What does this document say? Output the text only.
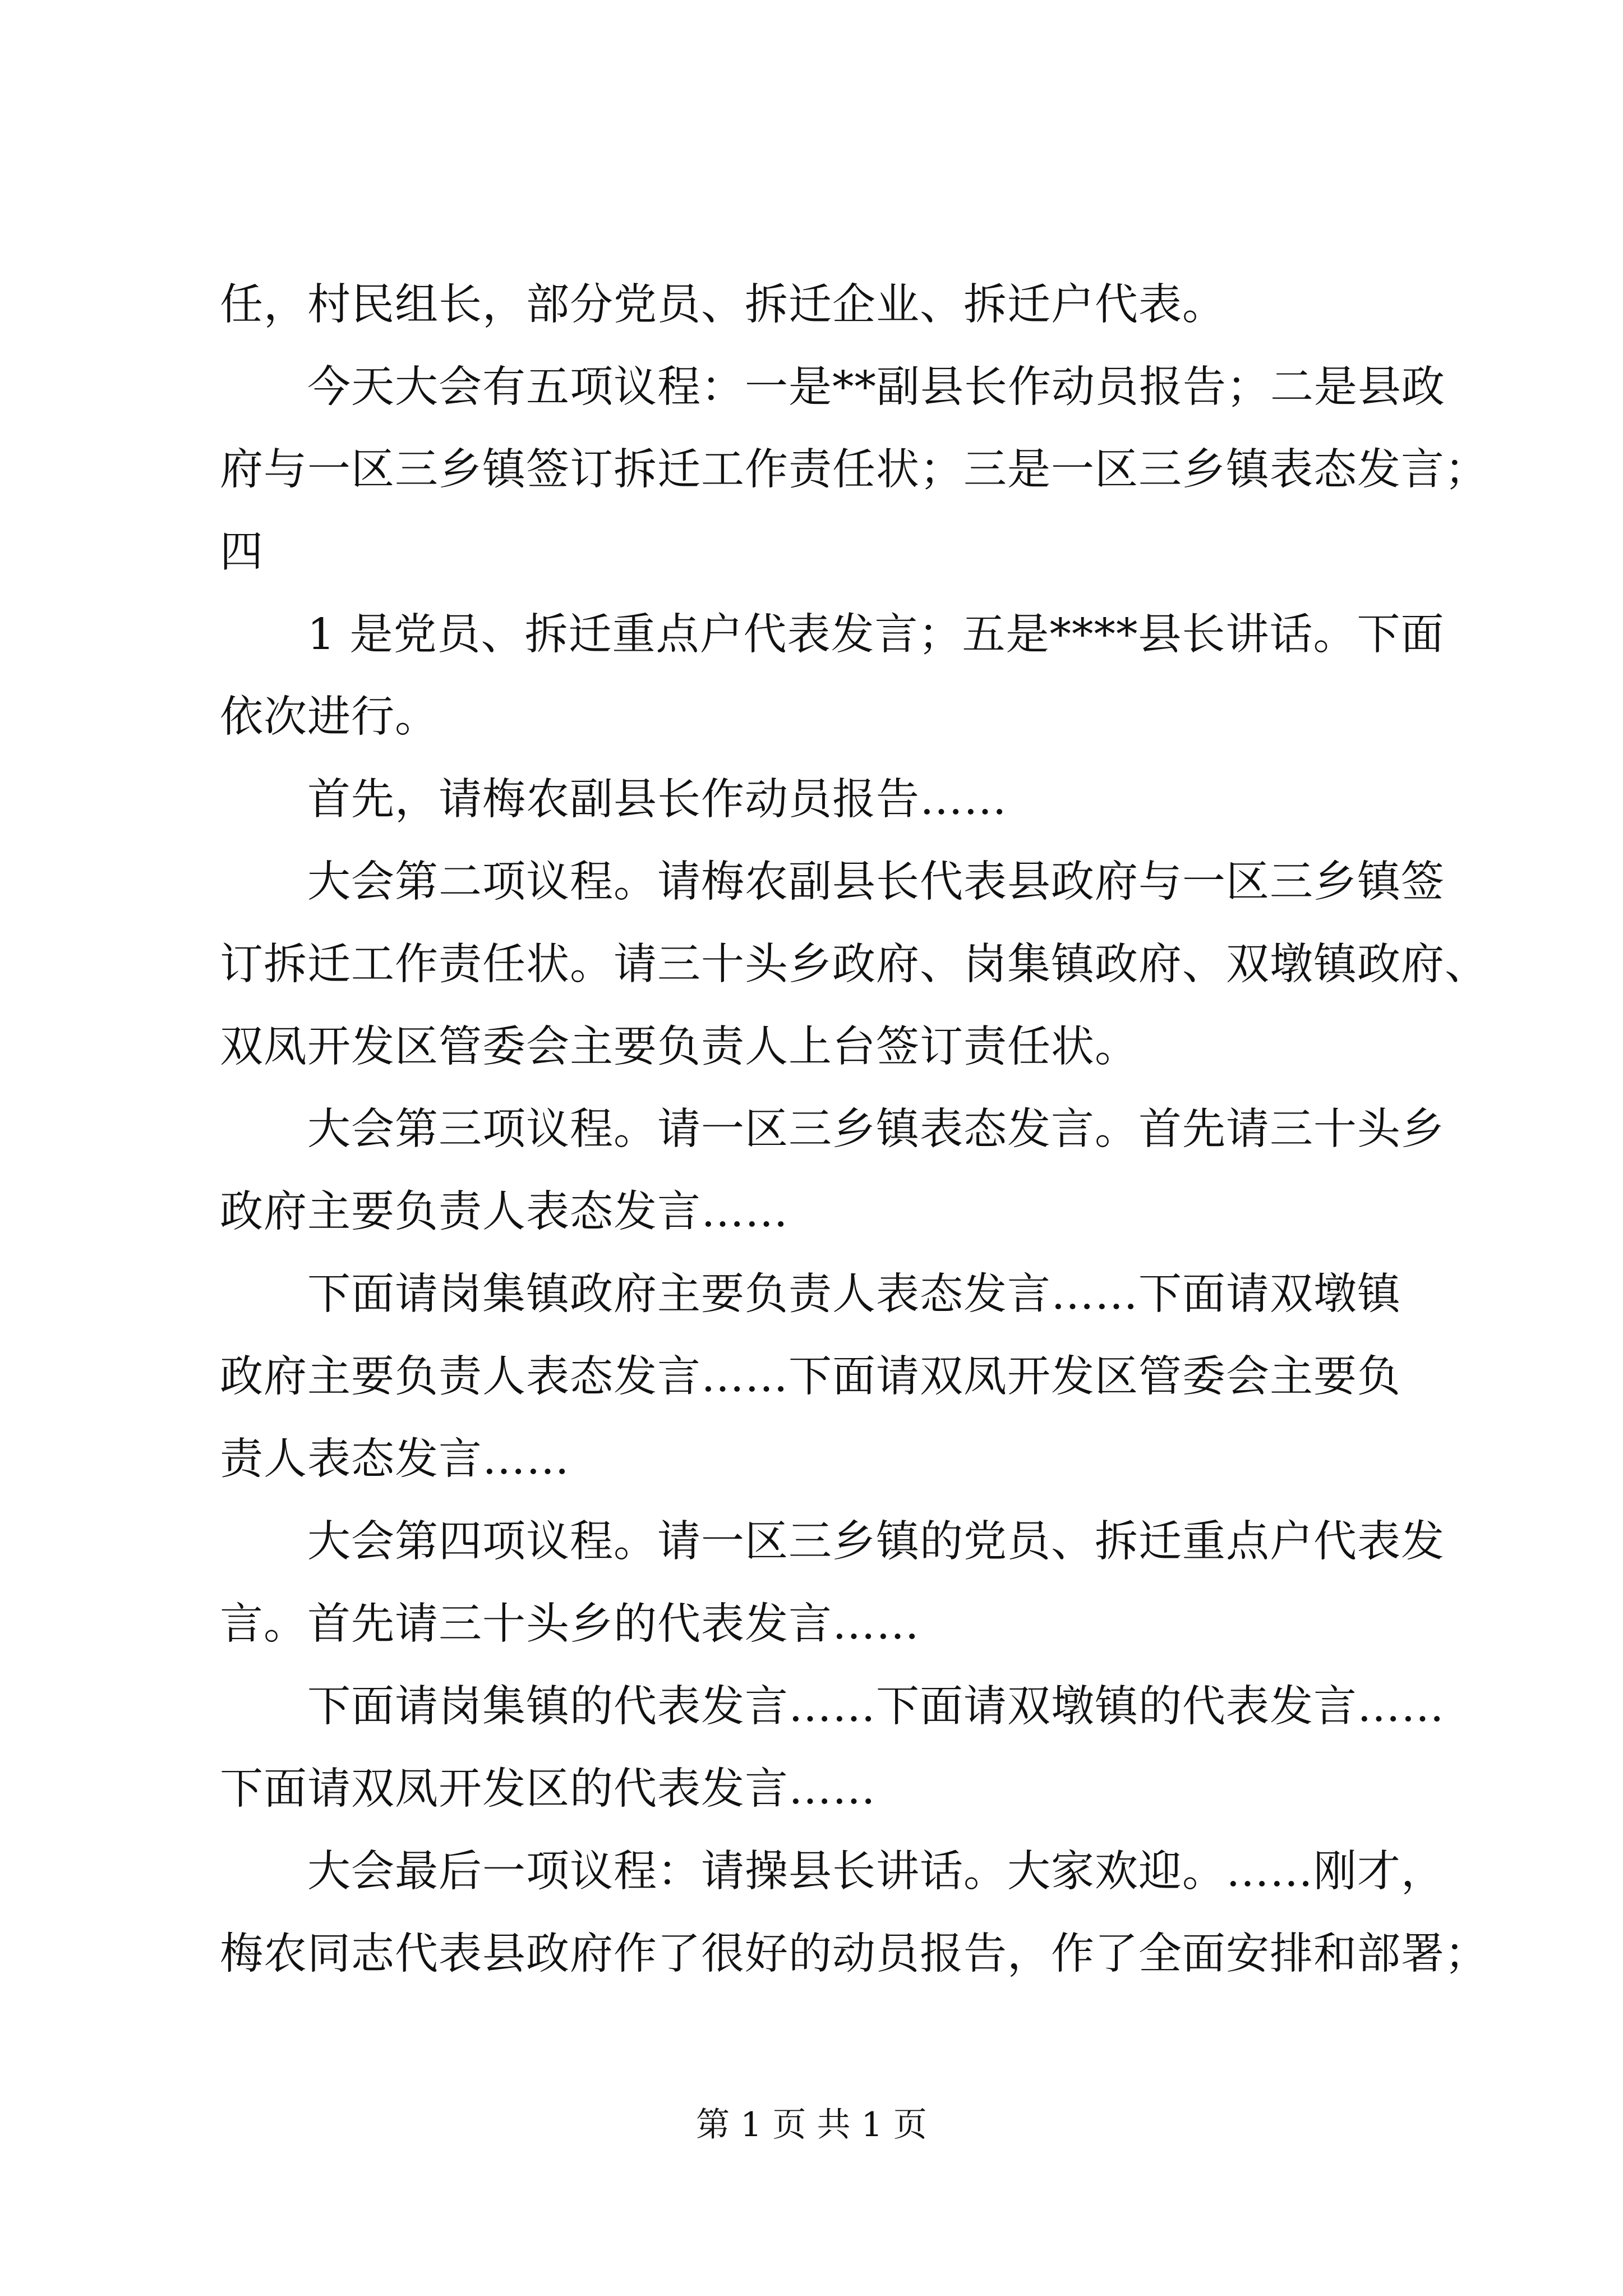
任，村民组长，部分党员、拆迁企业、拆迁户代表。
今天大会有五项议程：一是**副县长作动员报告；二是县政
府与一区三乡镇签订拆迁工作责任状；三是一区三乡镇表态发言；
四
1 是党员、拆迁重点户代表发言；五是****县长讲话。下面
依次进行。
首先，请梅农副县长作动员报告……
大会第二项议程。请梅农副县长代表县政府与一区三乡镇签
订拆迁工作责任状。请三十头乡政府、岗集镇政府、双墩镇政府、
双凤开发区管委会主要负责人上台签订责任状。
大会第三项议程。请一区三乡镇表态发言。首先请三十头乡
政府主要负责人表态发言……
下面请岗集镇政府主要负责人表态发言……下面请双墩镇
政府主要负责人表态发言……下面请双凤开发区管委会主要负
责人表态发言……
大会第四项议程。请一区三乡镇的党员、拆迁重点户代表发
言。首先请三十头乡的代表发言……
下面请岗集镇的代表发言……下面请双墩镇的代表发言……
下面请双凤开发区的代表发言……
大会最后一项议程：请操县长讲话。大家欢迎。……刚才，
梅农同志代表县政府作了很好的动员报告，作了全面安排和部署；
第 1 页 共 1 页
